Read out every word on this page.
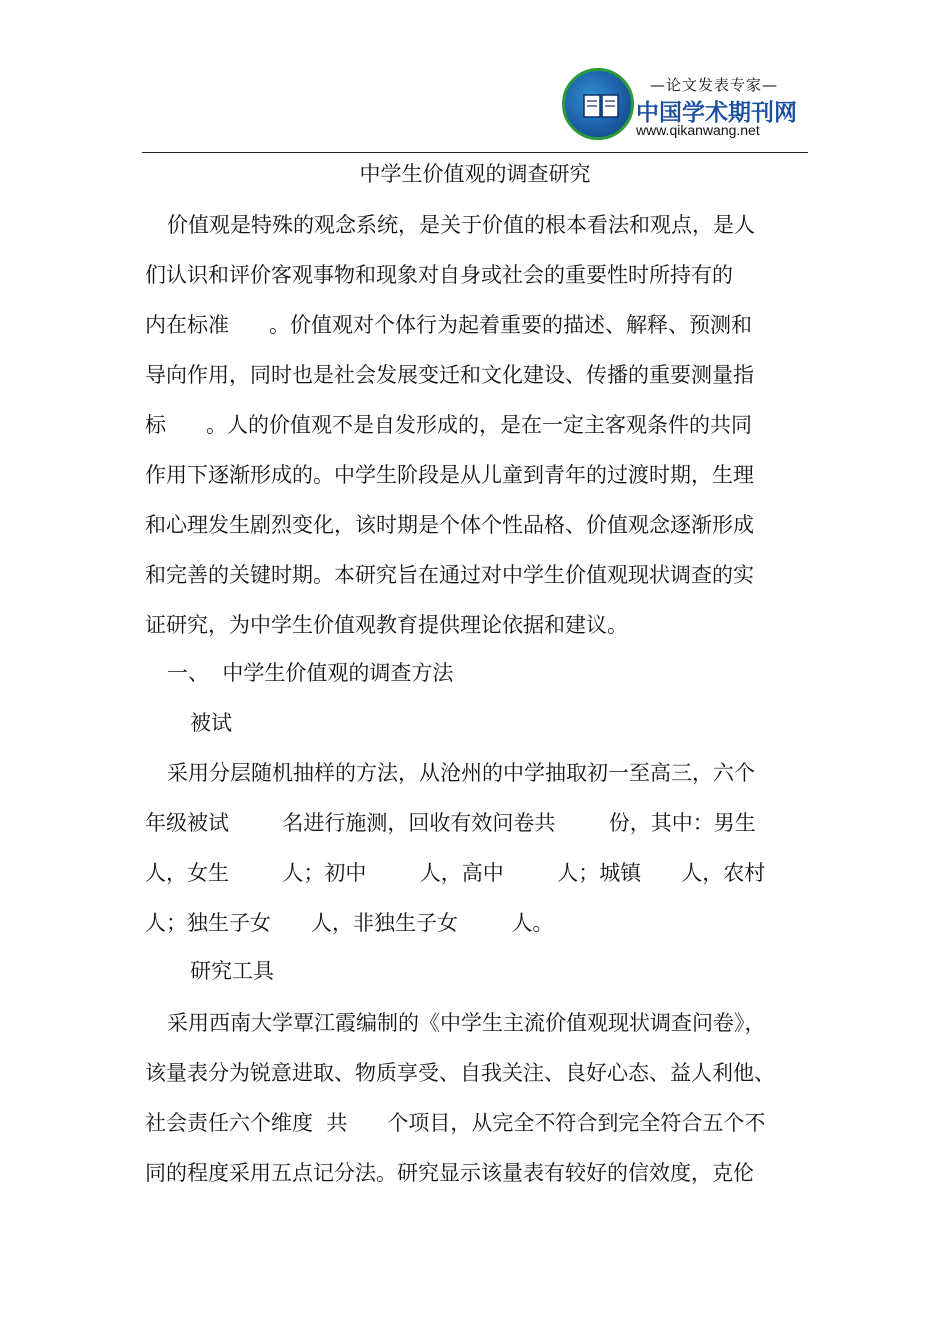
—论文发表专家—
中国学术期刊网
www.qikanwang.net
中学生价值观的调查研究
价值观是特殊的观念系统，是关于价值的根本看法和观点，是人
们认识和评价客观事物和现象对自身或社会的重要性时所持有的
内在标准      。价值观对个体行为起着重要的描述、解释、预测和
导向作用，同时也是社会发展变迁和文化建设、传播的重要测量指
标      。人的价值观不是自发形成的，是在一定主客观条件的共同
作用下逐渐形成的。中学生阶段是从儿童到青年的过渡时期，生理
和心理发生剧烈变化，该时期是个体个性品格、价值观念逐渐形成
和完善的关键时期。本研究旨在通过对中学生价值观现状调查的实
证研究，为中学生价值观教育提供理论依据和建议。
一、  中学生价值观的调查方法
被试
采用分层随机抽样的方法，从沧州的中学抽取初一至高三，六个
年级被试        名进行施测，回收有效问卷共        份，其中：男生
人，女生        人；初中        人，高中        人；城镇      人，农村
人；独生子女      人，非独生子女        人。
研究工具
采用西南大学覃江霞编制的《中学生主流价值观现状调查问卷》，
该量表分为锐意进取、物质享受、自我关注、良好心态、益人利他、
社会责任六个维度  共      个项目，从完全不符合到完全符合五个不
同的程度采用五点记分法。研究显示该量表有较好的信效度，克伦
